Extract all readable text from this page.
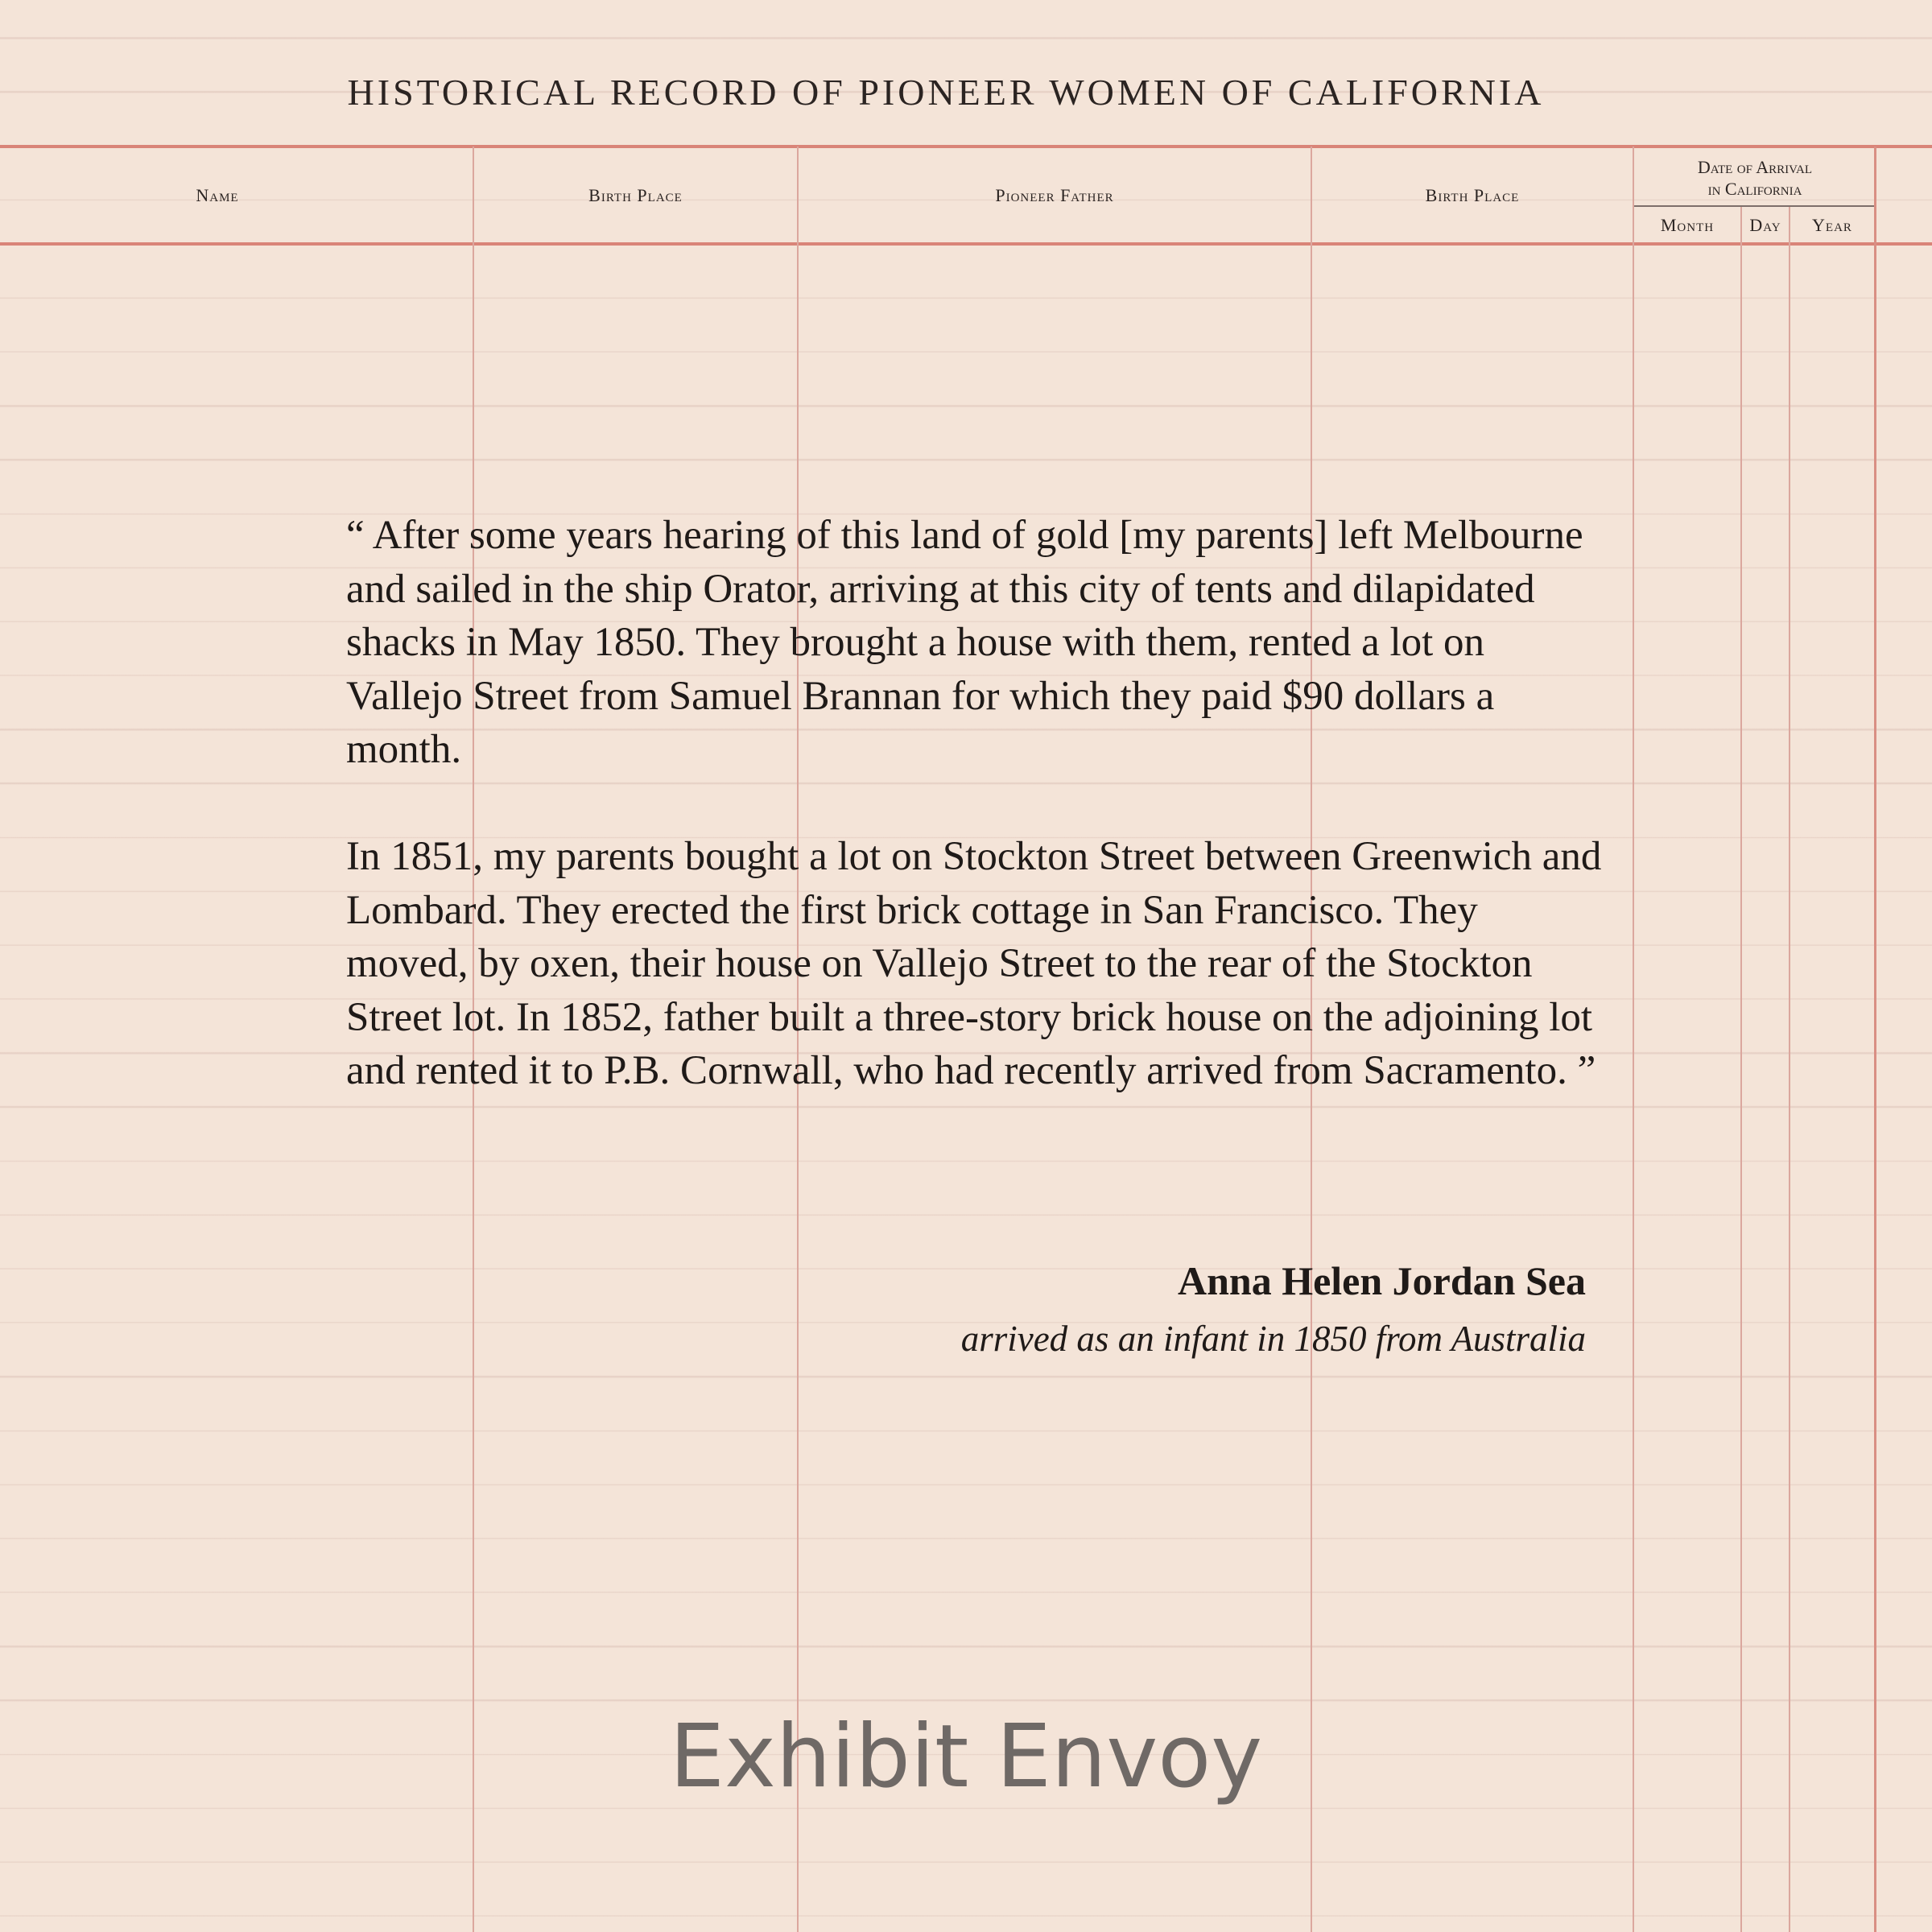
HISTORICAL RECORD OF PIONEER WOMEN OF CALIFORNIA
Name	Birth Place	Pioneer Father	Birth Place
Date of Arrival
in California
Month	Day	Year

“ After some years hearing of this land of gold [my parents] left Melbourne and sailed in the ship Orator, arriving at this city of tents and dilapidated shacks in May 1850. They brought a house with them, rented a lot on Vallejo Street from Samuel Brannan for which they paid $90 dollars a month.

In 1851, my parents bought a lot on Stockton Street between Greenwich and Lombard. They erected the first brick cottage in San Francisco. They moved, by oxen, their house on Vallejo Street to the rear of the Stockton Street lot. In 1852, father built a three-story brick house on the adjoining lot and rented it to P.B. Cornwall, who had recently arrived from Sacramento. ”

Anna Helen Jordan Sea
arrived as an infant in 1850 from Australia
Exhibit Envoy
